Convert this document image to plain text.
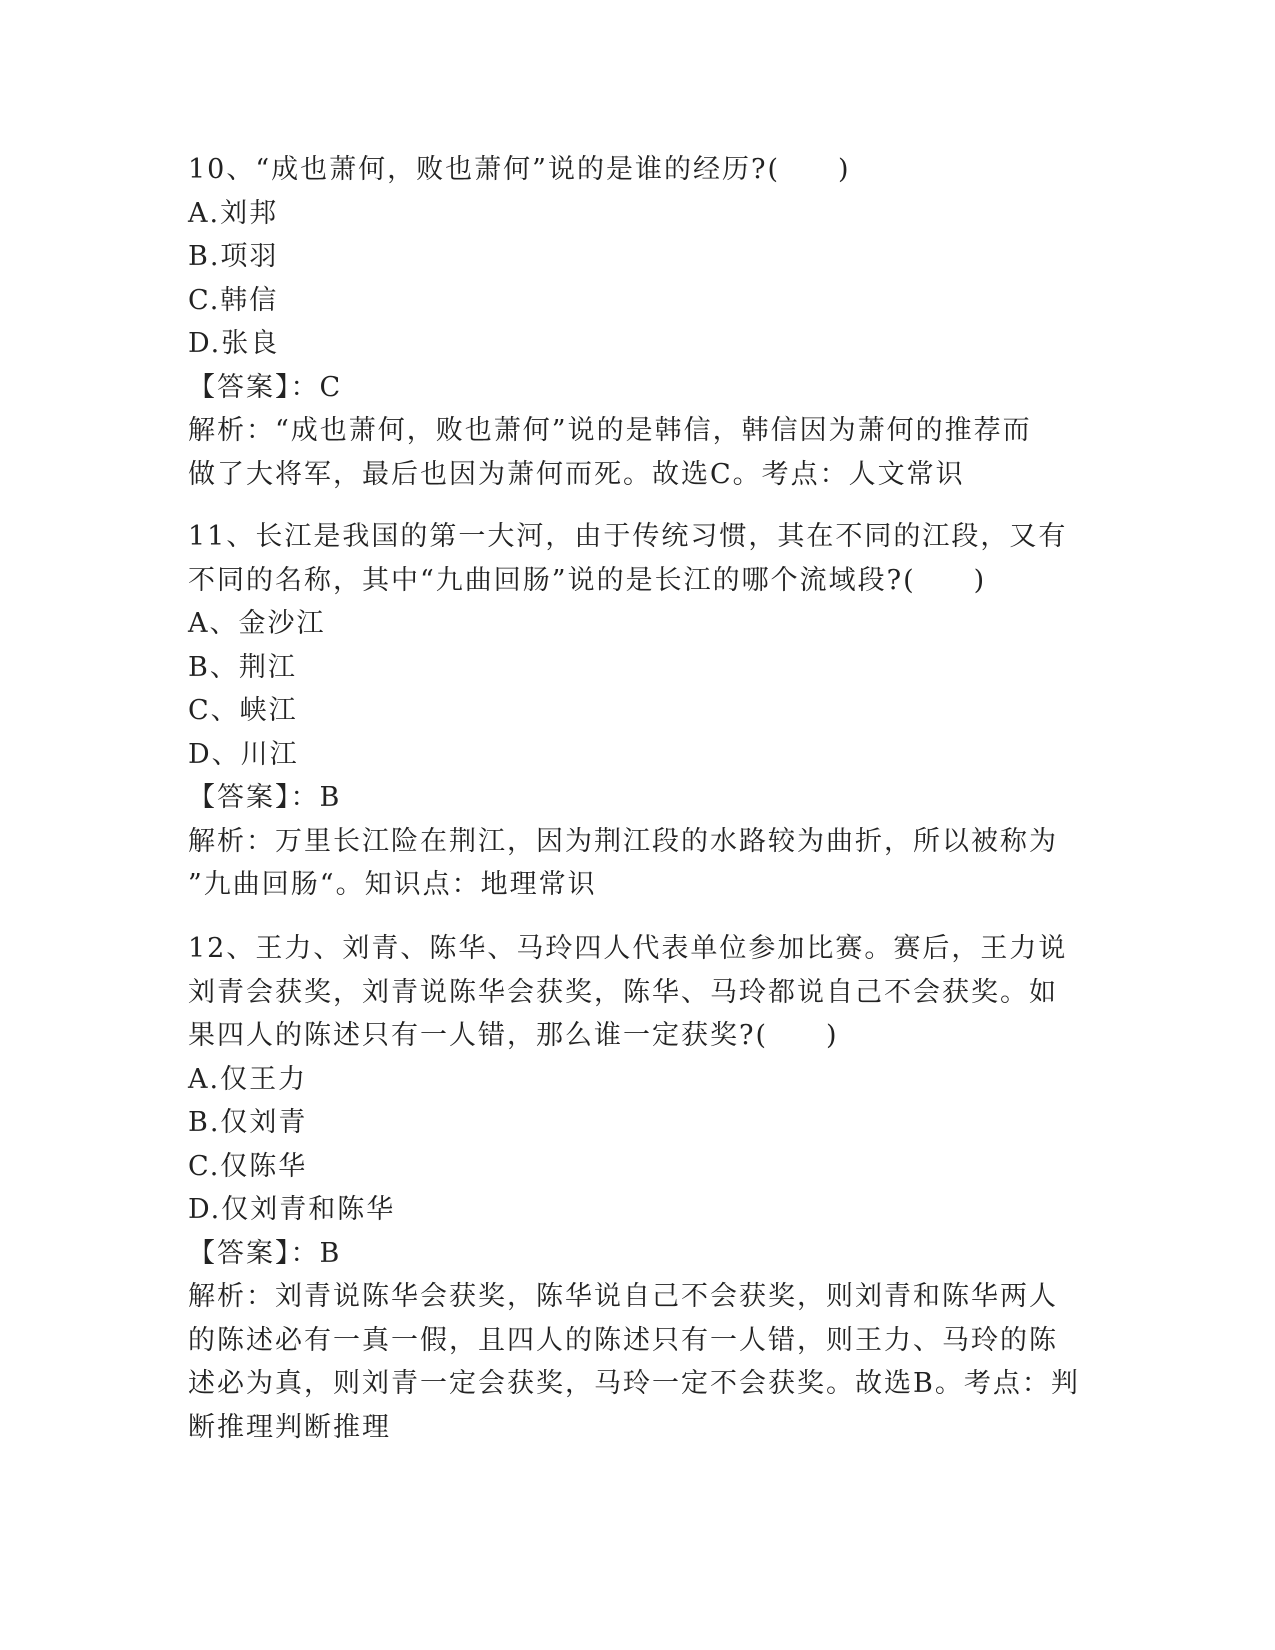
10、“成也萧何，败也萧何”说的是谁的经历?(　　)
A.刘邦
B.项羽
C.韩信
D.张良
【答案】：C
解析：“成也萧何，败也萧何”说的是韩信，韩信因为萧何的推荐而
做了大将军，最后也因为萧何而死。故选C。考点：人文常识
11、长江是我国的第一大河，由于传统习惯，其在不同的江段，又有
不同的名称，其中“九曲回肠”说的是长江的哪个流域段?(　　)
A、金沙江
B、荆江
C、峡江
D、川江
【答案】：B
解析：万里长江险在荆江，因为荆江段的水路较为曲折，所以被称为
”九曲回肠“。知识点：地理常识
12、王力、刘青、陈华、马玲四人代表单位参加比赛。赛后，王力说
刘青会获奖，刘青说陈华会获奖，陈华、马玲都说自己不会获奖。如
果四人的陈述只有一人错，那么谁一定获奖?(　　)
A.仅王力
B.仅刘青
C.仅陈华
D.仅刘青和陈华
【答案】：B
解析：刘青说陈华会获奖，陈华说自己不会获奖，则刘青和陈华两人
的陈述必有一真一假，且四人的陈述只有一人错，则王力、马玲的陈
述必为真，则刘青一定会获奖，马玲一定不会获奖。故选B。考点：判
断推理判断推理
